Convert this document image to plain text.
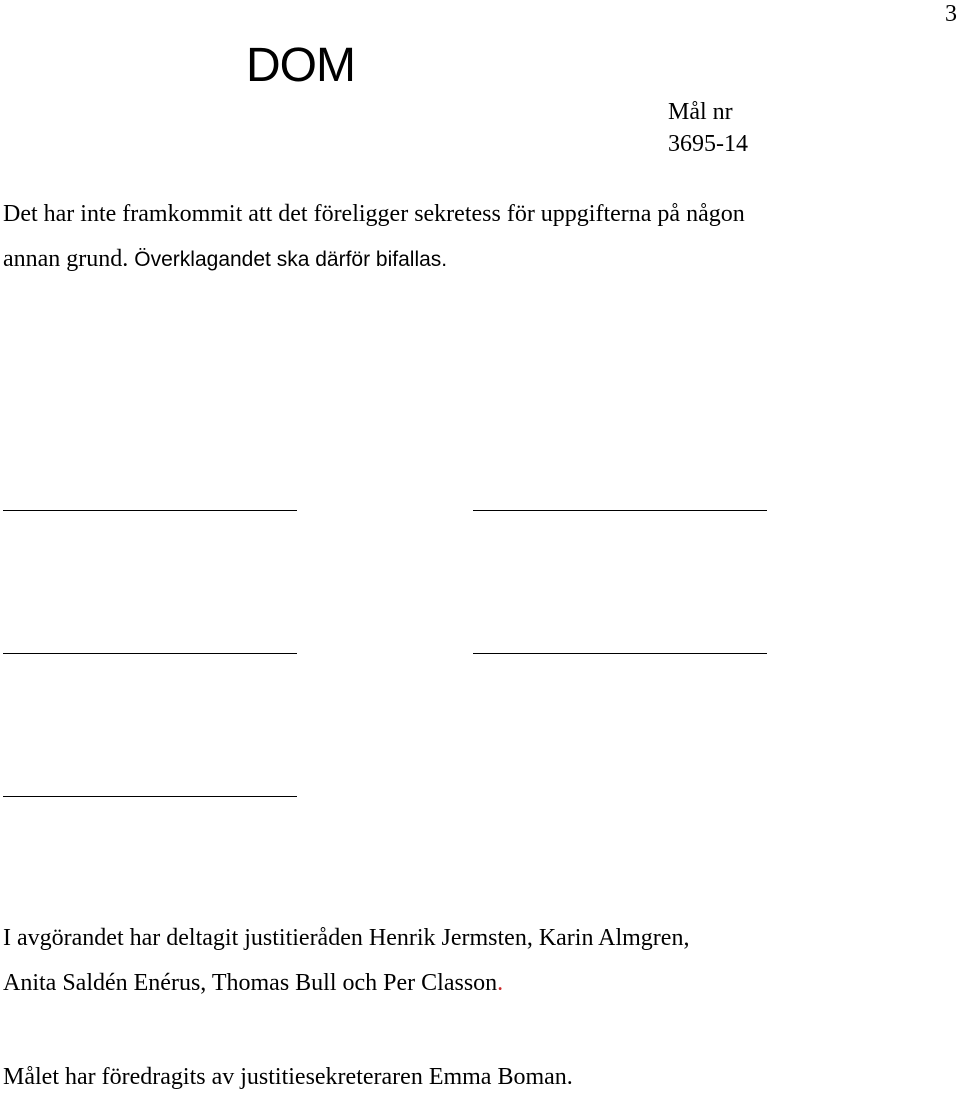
3
DOM
Mål nr
3695-14

Det har inte framkommit att det föreligger sekretess för uppgifterna på någon
annan grund. Överklagandet ska därför bifallas.

I avgörandet har deltagit justitieråden Henrik Jermsten, Karin Almgren,
Anita Saldén Enérus, Thomas Bull och Per Classon.

Målet har föredragits av justitiesekreteraren Emma Boman.
